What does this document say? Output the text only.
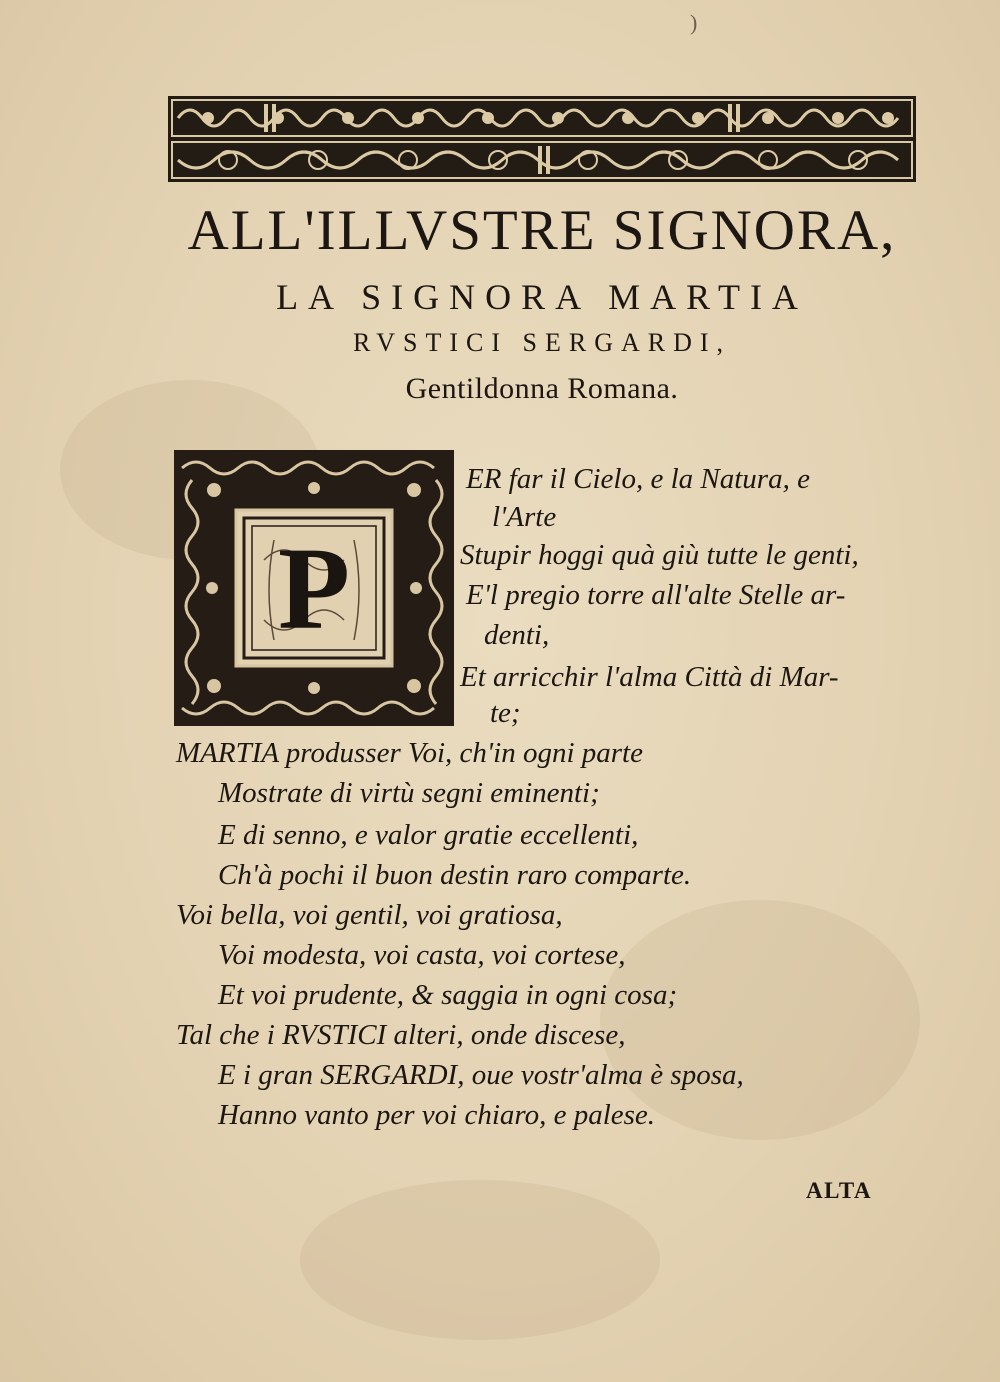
)
ALL'ILLVSTRE SIGNORA,
LA SIGNORA MARTIA
RVSTICI SERGARDI,
Gentildonna Romana.
P

ER far il Cielo, e la Natura, e

l'Arte

Stupir hoggi quà giù tutte le genti,

E'l pregio torre all'alte Stelle ar-

denti,

Et arricchir l'alma Città di Mar-

te;

MARTIA produsser Voi, ch'in ogni parte

Mostrate di virtù segni eminenti;

E di senno, e valor gratie eccellenti,

Ch'à pochi il buon destin raro comparte.

Voi bella, voi gentil, voi gratiosa,

Voi modesta, voi casta, voi cortese,

Et voi prudente, & saggia in ogni cosa;

Tal che i RVSTICI alteri, onde discese,

E i gran SERGARDI, oue vostr'alma è sposa,

Hanno vanto per voi chiaro, e palese.

ALTA
